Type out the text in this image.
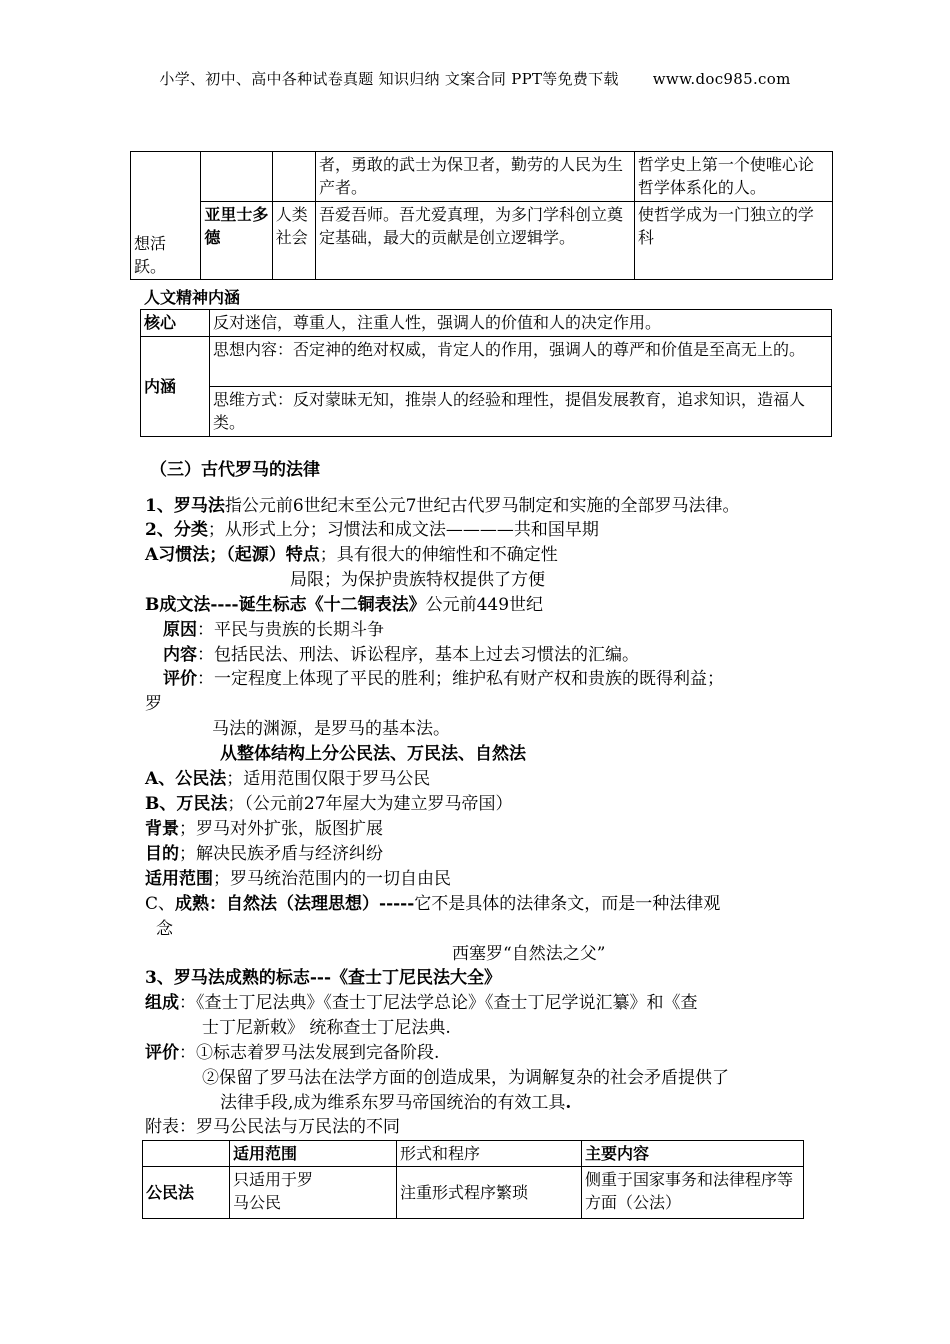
小学、初中、高中各种试卷真题 知识归纳 文案合同 PPT等免费下载 www.doc985.com
			者，勇敢的武士为保卫者，勤劳的人民为生产者。	哲学史上第一个使唯心论哲学体系化的人。
想活跃。	亚里士多德	人类社会	吾爱吾师。吾尤爱真理，为多门学科创立奠定基础，最大的贡献是创立逻辑学。	使哲学成为一门独立的学科
人文精神内涵
核心	反对迷信，尊重人，注重人性，强调人的价值和人的决定作用。
内涵	思想内容：否定神的绝对权威，肯定人的作用，强调人的尊严和价值是至高无上的。
	思维方式：反对蒙昧无知，推崇人的经验和理性，提倡发展教育，追求知识，造福人类。
（三）古代罗马的法律
1、罗马法指公元前6世纪末至公元7世纪古代罗马制定和实施的全部罗马法律。
2、分类；从形式上分；习惯法和成文法————共和国早期
A习惯法；（起源）特点；具有很大的伸缩性和不确定性
局限；为保护贵族特权提供了方便
B成文法----诞生标志《十二铜表法》公元前449世纪
原因：平民与贵族的长期斗争
内容：包括民法、刑法、诉讼程序，基本上过去习惯法的汇编。
评价：一定程度上体现了平民的胜利；维护私有财产权和贵族的既得利益；
罗
马法的渊源，是罗马的基本法。
从整体结构上分公民法、万民法、自然法
A、公民法；适用范围仅限于罗马公民
B、万民法；（公元前27年屋大为建立罗马帝国）
背景；罗马对外扩张，版图扩展
目的；解决民族矛盾与经济纠纷
适用范围；罗马统治范围内的一切自由民
C、成熟：自然法（法理思想）-----它不是具体的法律条文，而是一种法律观
念
西塞罗“自然法之父”
3、罗马法成熟的标志---《查士丁尼民法大全》
组成：《查士丁尼法典》《查士丁尼法学总论》《查士丁尼学说汇纂》和《查
士丁尼新敕》 统称查士丁尼法典.
评价：①标志着罗马法发展到完备阶段.
②保留了罗马法在法学方面的创造成果，为调解复杂的社会矛盾提供了
法律手段,成为维系东罗马帝国统治的有效工具.
附表：罗马公民法与万民法的不同
	适用范围	形式和程序	主要内容
公民法	只适用于罗马公民	注重形式程序繁琐	侧重于国家事务和法律程序等方面（公法）
